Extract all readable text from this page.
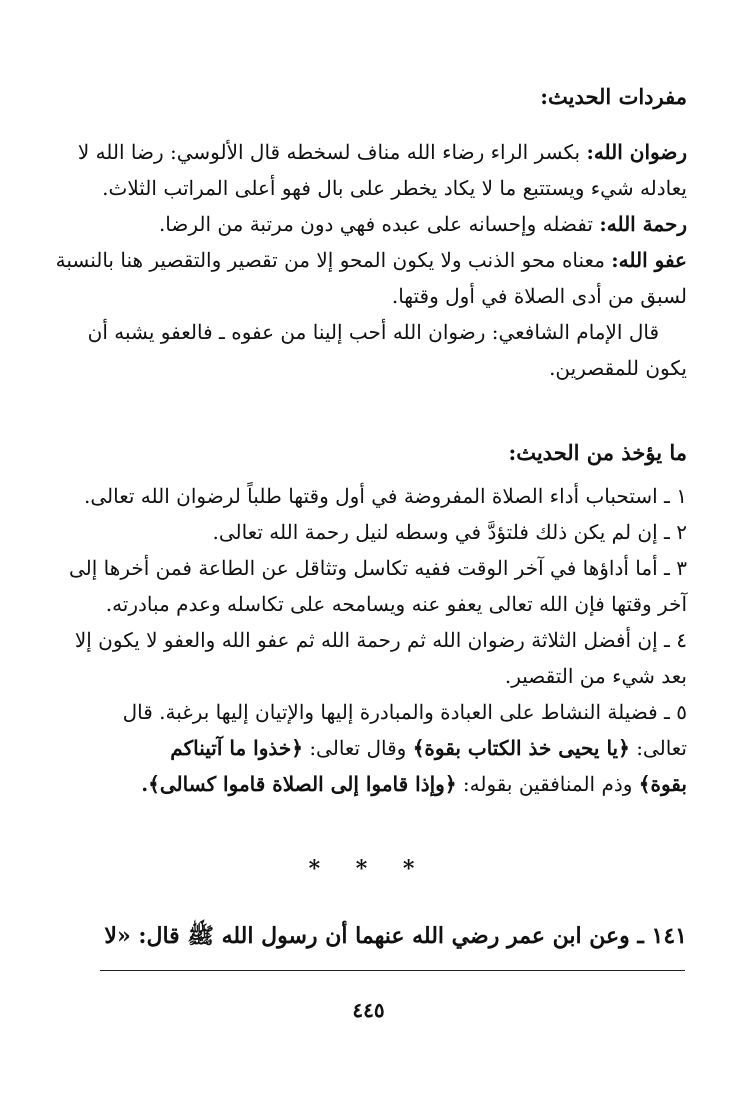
مفردات الحديث:
رضوان الله: بكسر الراء رضاء الله مناف لسخطه قال الألوسي: رضا الله لا
يعادله شيء ويستتبع ما لا يكاد يخطر على بال فهو أعلى المراتب الثلاث.
رحمة الله: تفضله وإحسانه على عبده فهي دون مرتبة من الرضا.
عفو الله: معناه محو الذنب ولا يكون المحو إلا من تقصير والتقصير هنا بالنسبة
لسبق من أدى الصلاة في أول وقتها.
قال الإمام الشافعي: رضوان الله أحب إلينا من عفوه ـ فالعفو يشبه أن
يكون للمقصرين.
ما يؤخذ من الحديث:
١ ـ استحباب أداء الصلاة المفروضة في أول وقتها طلباً لرضوان الله تعالى.
٢ ـ إن لم يكن ذلك فلتؤدَّ في وسطه لنيل رحمة الله تعالى.
٣ ـ أما أداؤها في آخر الوقت ففيه تكاسل وتثاقل عن الطاعة فمن أخرها إلى
آخر وقتها فإن الله تعالى يعفو عنه ويسامحه على تكاسله وعدم مبادرته.
٤ ـ إن أفضل الثلاثة رضوان الله ثم رحمة الله ثم عفو الله والعفو لا يكون إلا
بعد شيء من التقصير.
٥ ـ فضيلة النشاط على العبادة والمبادرة إليها والإتيان إليها برغبة. قال
تعالى: ﴿يا يحيى خذ الكتاب بقوة﴾ وقال تعالى: ﴿خذوا ما آتيناكم
بقوة﴾ وذم المنافقين بقوله: ﴿وإذا قاموا إلى الصلاة قاموا كسالى﴾.
* * *
١٤١ ـ وعن ابن عمر رضي الله عنهما أن رسول الله ﷺ قال: «لا
٤٤٥
